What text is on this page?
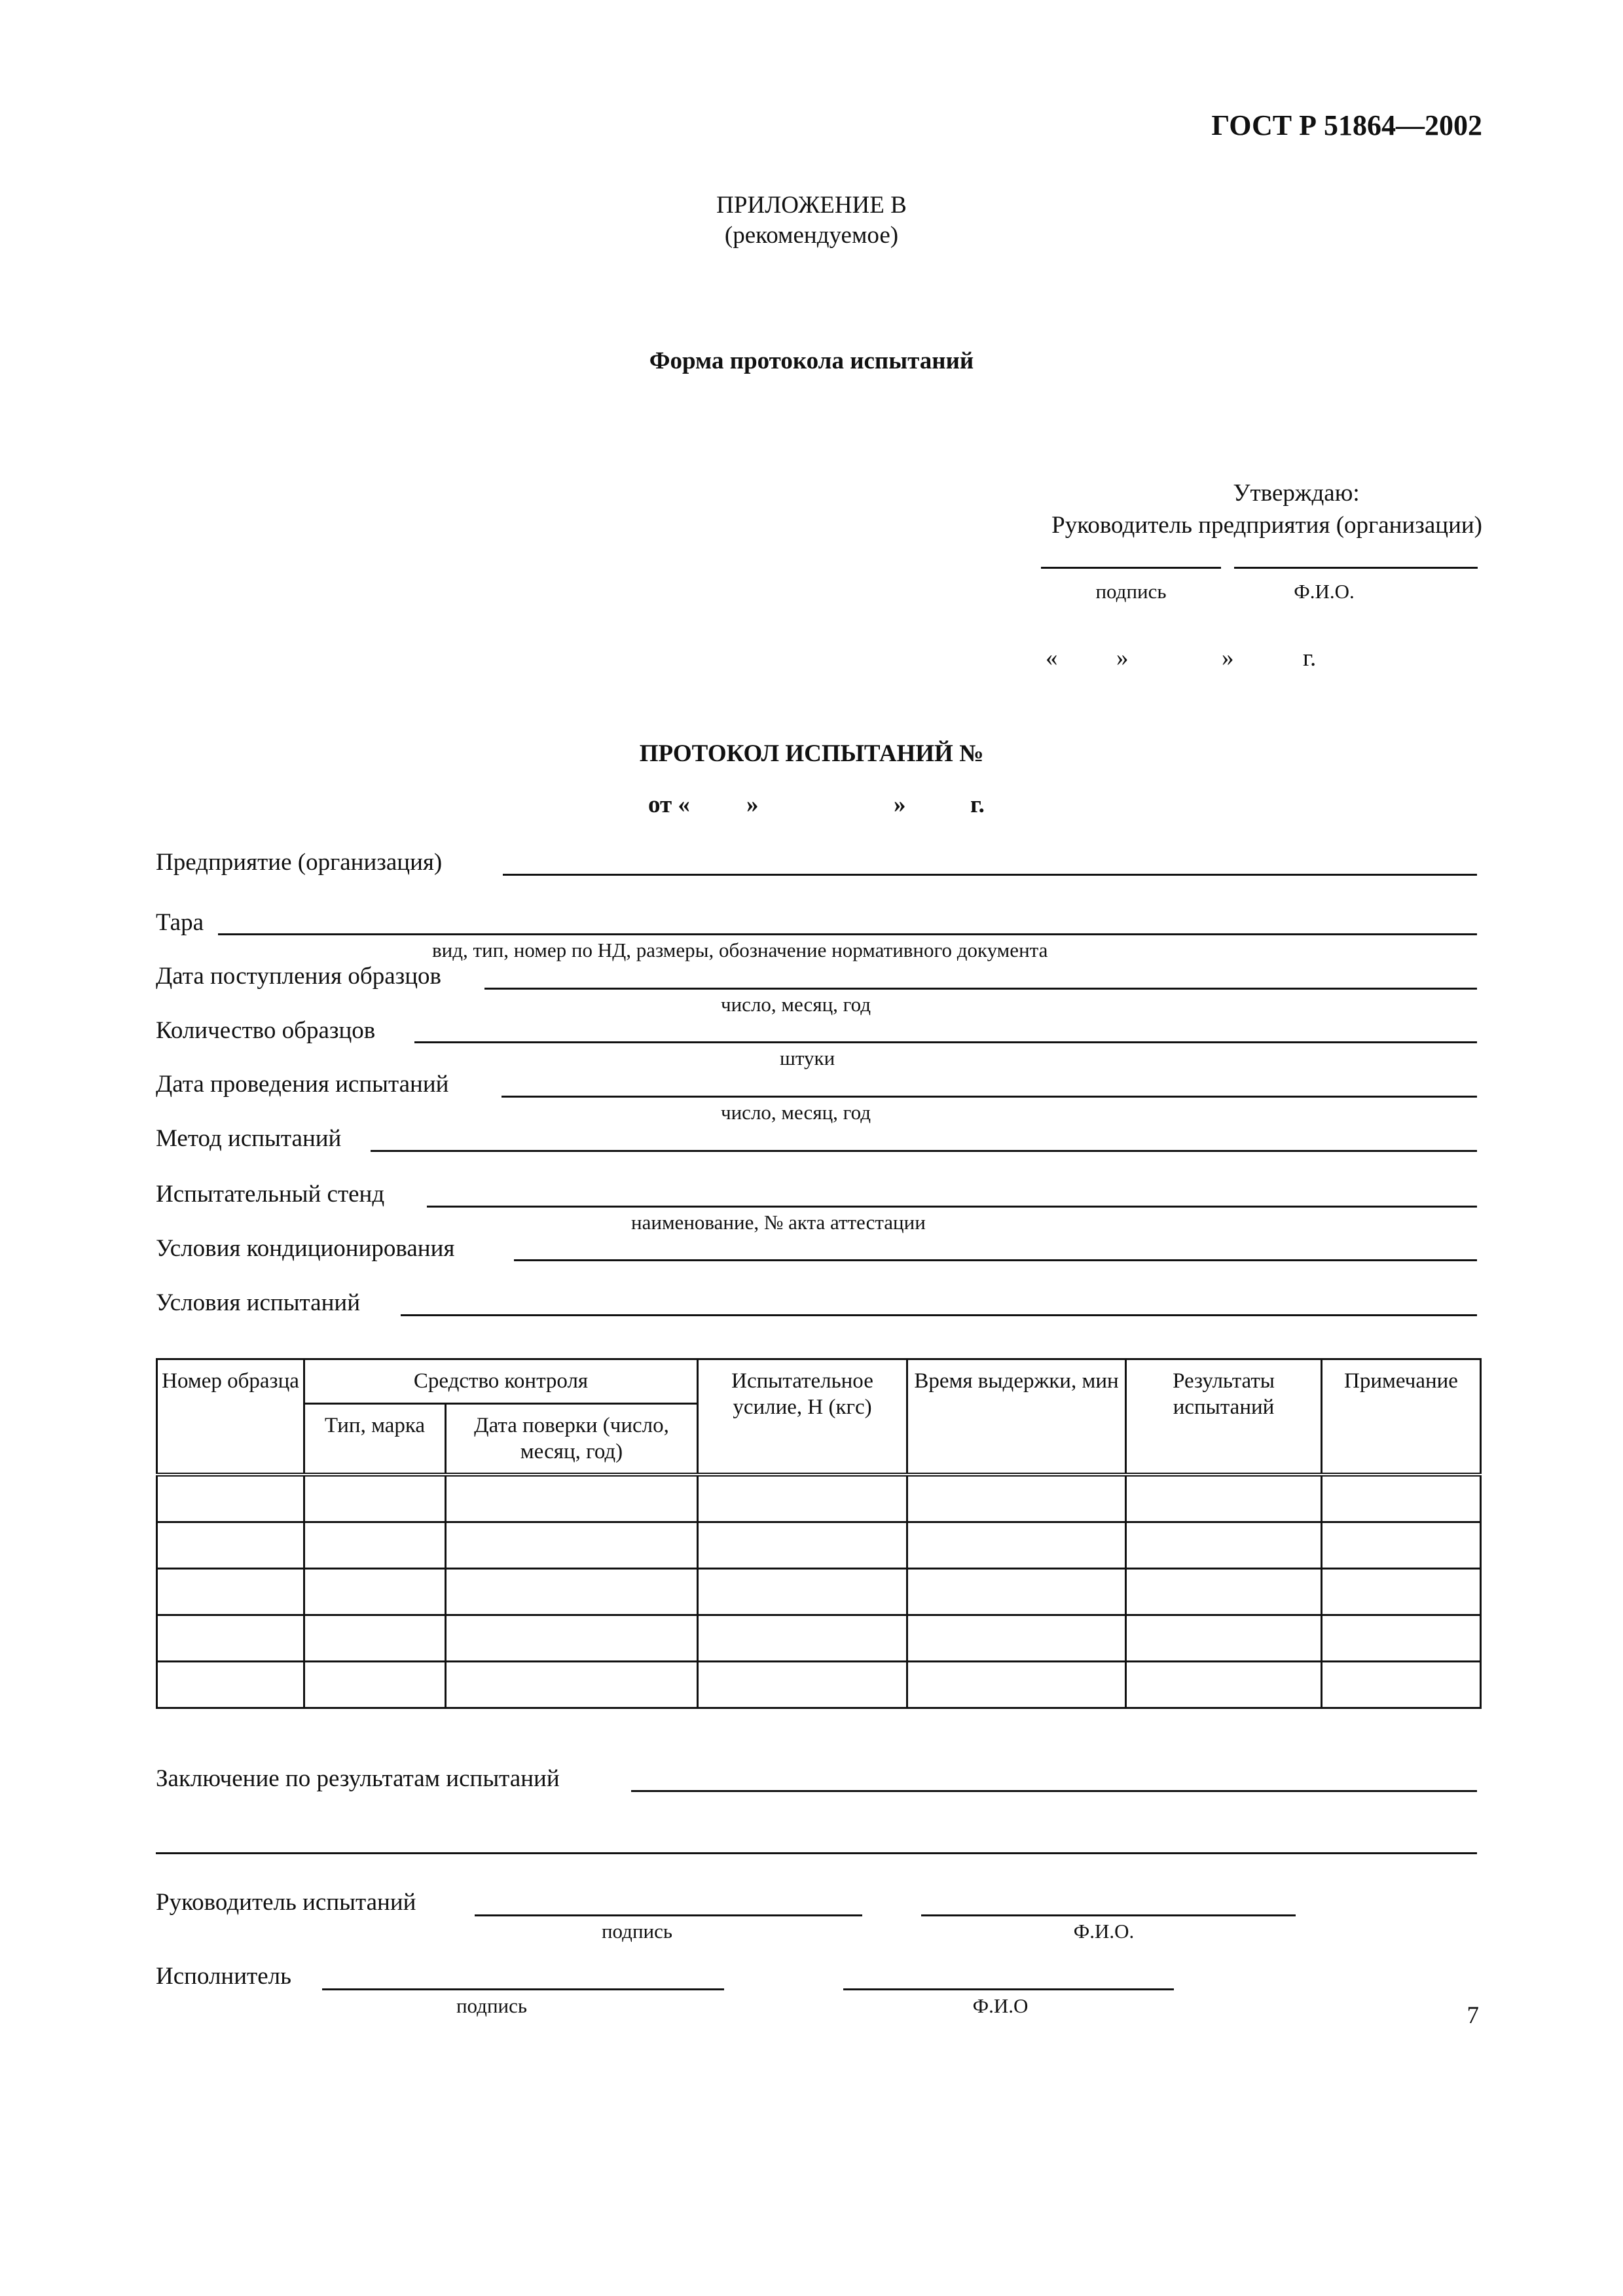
ГОСТ Р 51864—2002
ПРИЛОЖЕНИЕ В
(рекомендуемое)
Форма протокола испытаний
Утверждаю:
Руководитель предприятия (организации)
подпись	Ф.И.О.
« »	»	г.
ПРОТОКОЛ ИСПЫТАНИЙ №
от « »	»	г.
Предприятие (организация)
Тара
вид, тип, номер по НД, размеры, обозначение нормативного документа
Дата поступления образцов
число, месяц, год
Количество образцов
штуки
Дата проведения испытаний
число, месяц, год
Метод испытаний
Испытательный стенд
наименование, № акта аттестации
Условия кондиционирования
Условия испытаний
Номер образца	Средство контроля		Испытательное усилие, Н (кгс)	Время выдержки, мин	Результаты испытаний	Примечание
	Тип, марка	Дата поверки (число, месяц, год)				

Заключение по результатам испытаний
Руководитель испытаний
подпись	Ф.И.О.
Исполнитель
подпись	Ф.И.О	7
